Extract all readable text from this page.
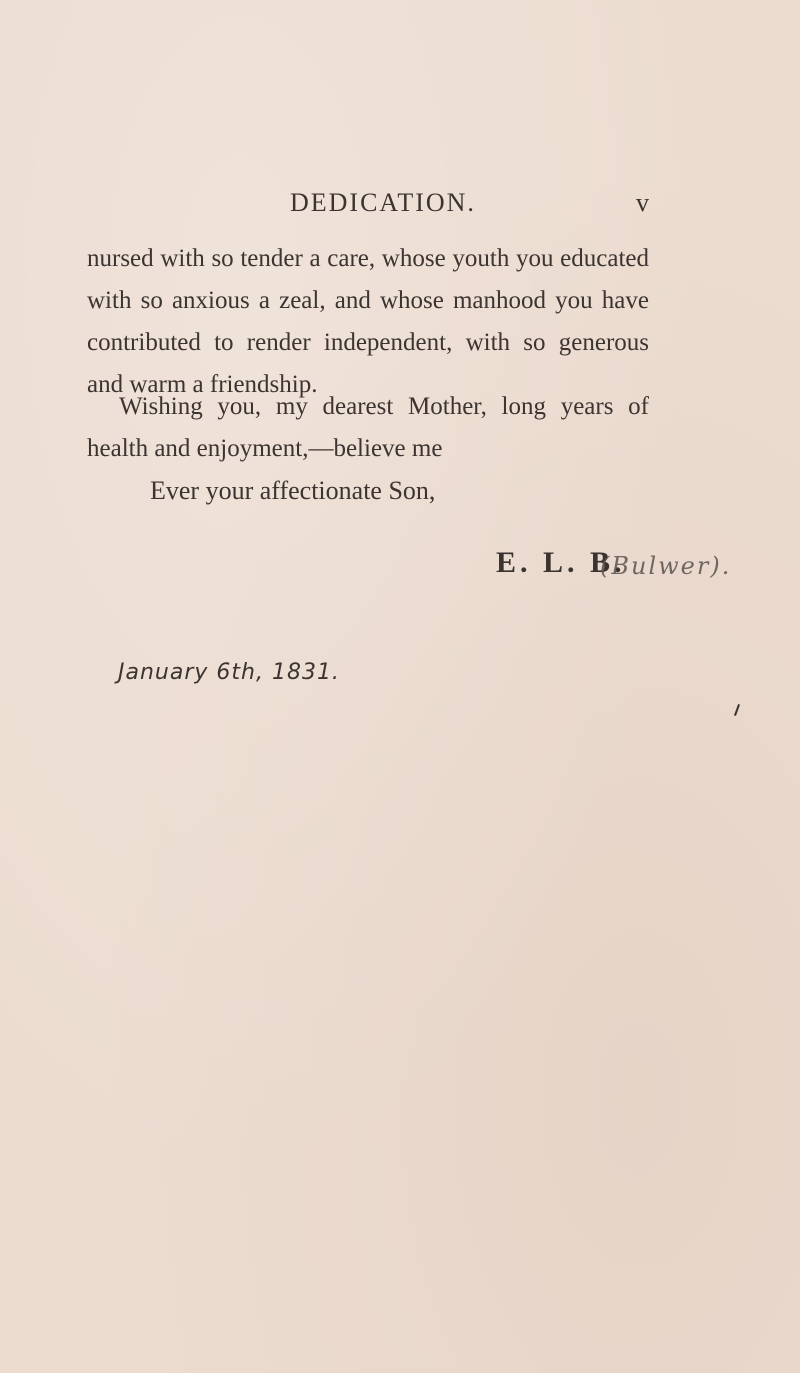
DEDICATION.	v

nursed with so tender a care, whose youth you educated with so anxious a zeal, and whose manhood you have contributed to render independent, with so generous and warm a friendship.

Wishing you, my dearest Mother, long years of health and enjoyment,—believe me

Ever your affectionate Son,
E. L. B.
(Bulwer).
January 6th, 1831.
